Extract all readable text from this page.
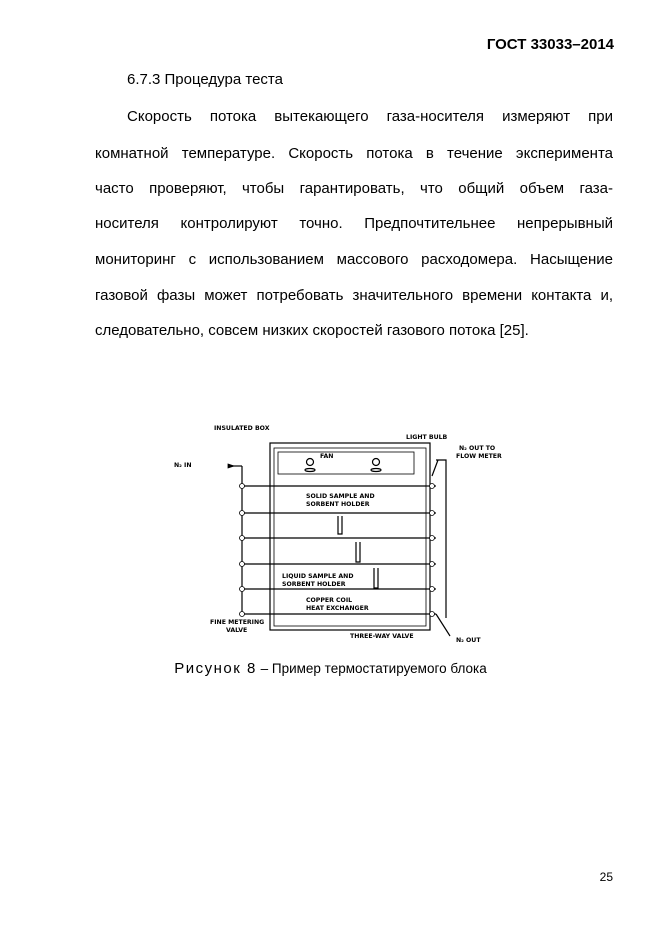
ГОСТ 33033–2014
6.7.3 Процедура теста
Скорость потока вытекающего газа-носителя измеряют при
комнатной температуре. Скорость потока в течение эксперимента
часто проверяют, чтобы гарантировать, что общий объем газа-
носителя контролируют точно. Предпочтительнее непрерывный
мониторинг с использованием массового расходомера. Насыщение
газовой фазы может потребовать значительного времени контакта и,
следовательно, совсем низких скоростей газового потока [25].
INSULATED BOX
LIGHT BULB
N₂ IN
FAN
N₂ OUT TO
FLOW METER
SOLID SAMPLE AND
SORBENT HOLDER
LIQUID SAMPLE AND
SORBENT HOLDER
COPPER COIL
HEAT EXCHANGER
FINE METERING
VALVE
THREE-WAY VALVE
N₂ OUT
Рисунок 8 – Пример термостатируемого блока
25
